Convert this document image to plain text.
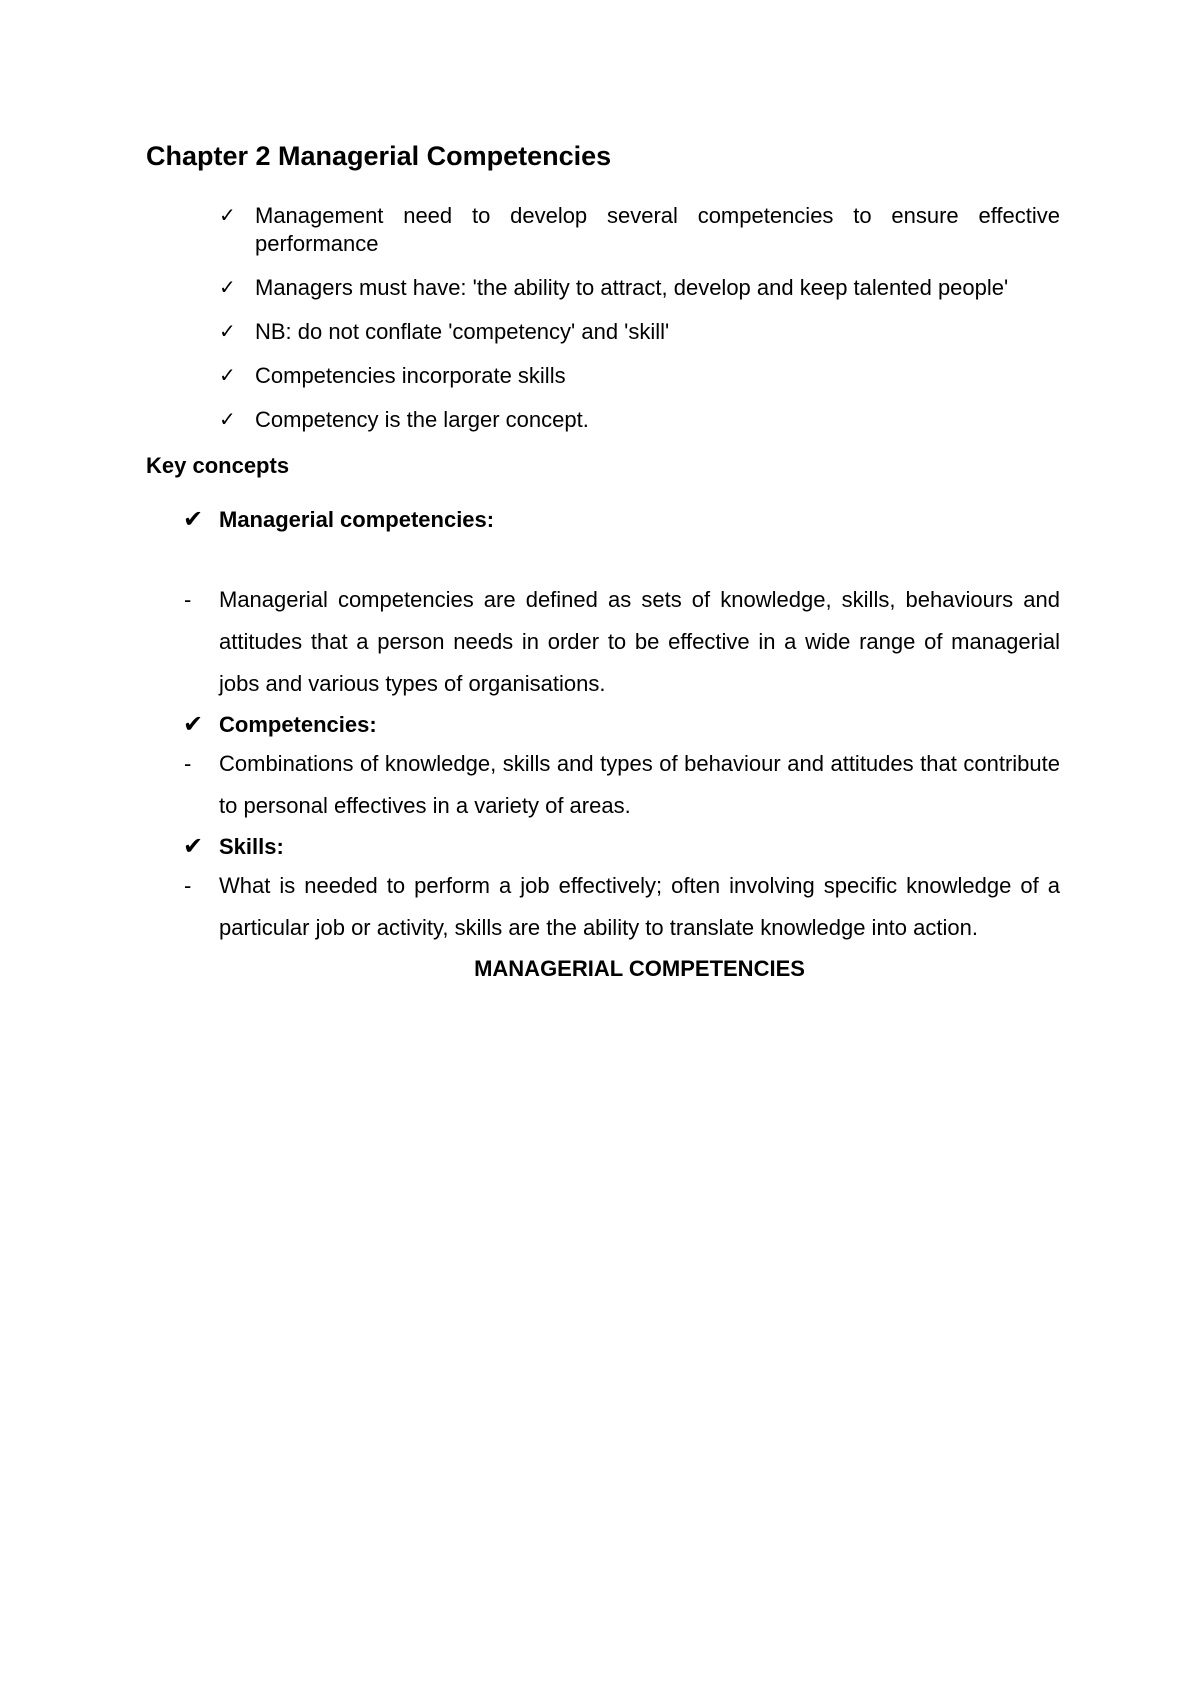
Chapter 2 Managerial Competencies
✓ Management need to develop several competencies to ensure effective performance
✓ Managers must have: 'the ability to attract, develop and keep talented people'
✓ NB: do not conflate 'competency' and 'skill'
✓ Competencies incorporate skills
✓ Competency is the larger concept.
Key concepts
✔ Managerial competencies:
- Managerial competencies are defined as sets of knowledge, skills, behaviours and attitudes that a person needs in order to be effective in a wide range of managerial jobs and various types of organisations.
✔ Competencies:
- Combinations of knowledge, skills and types of behaviour and attitudes that contribute to personal effectives in a variety of areas.
✔ Skills:
- What is needed to perform a job effectively; often involving specific knowledge of a particular job or activity, skills are the ability to translate knowledge into action.
MANAGERIAL COMPETENCIES
